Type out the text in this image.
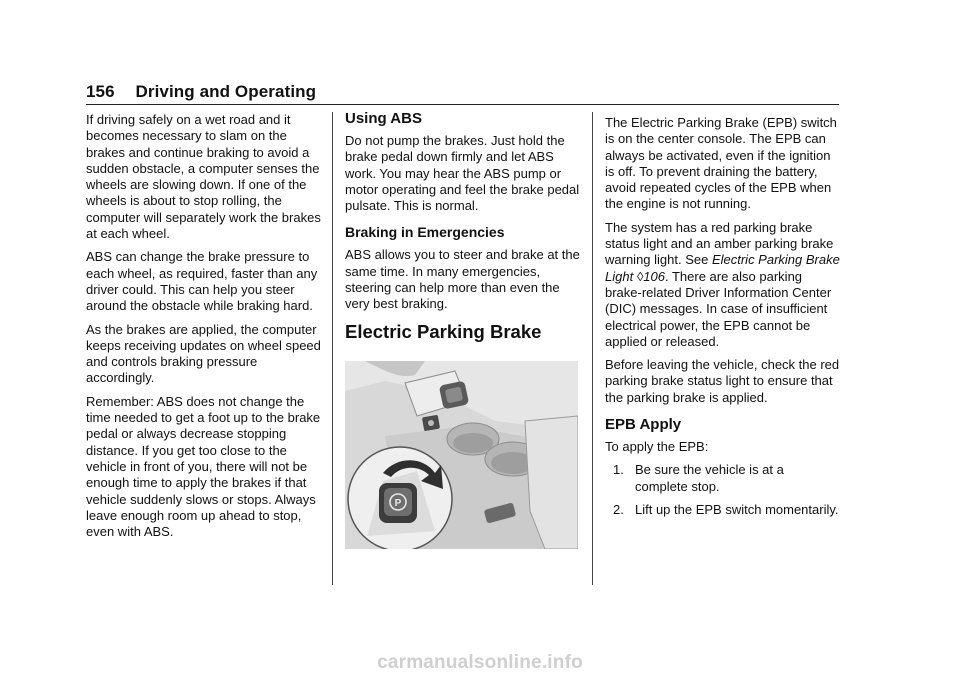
156 Driving and Operating

If driving safely on a wet road and it becomes necessary to slam on the brakes and continue braking to avoid a sudden obstacle, a computer senses the wheels are slowing down. If one of the wheels is about to stop rolling, the computer will separately work the brakes at each wheel.

ABS can change the brake pressure to each wheel, as required, faster than any driver could. This can help you steer around the obstacle while braking hard.

As the brakes are applied, the computer keeps receiving updates on wheel speed and controls braking pressure accordingly.

Remember: ABS does not change the time needed to get a foot up to the brake pedal or always decrease stopping distance. If you get too close to the vehicle in front of you, there will not be enough time to apply the brakes if that vehicle suddenly slows or stops. Always leave enough room up ahead to stop, even with ABS.

Using ABS

Do not pump the brakes. Just hold the brake pedal down firmly and let ABS work. You may hear the ABS pump or motor operating and feel the brake pedal pulsate. This is normal.

Braking in Emergencies

ABS allows you to steer and brake at the same time. In many emergencies, steering can help more than even the very best braking.

Electric Parking Brake
P

The Electric Parking Brake (EPB) switch is on the center console. The EPB can always be activated, even if the ignition is off. To prevent draining the battery, avoid repeated cycles of the EPB when the engine is not running.

The system has a red parking brake status light and an amber parking brake warning light. See Electric Parking Brake Light ◊106. There are also parking brake-related Driver Information Center (DIC) messages. In case of insufficient electrical power, the EPB cannot be applied or released.

Before leaving the vehicle, check the red parking brake status light to ensure that the parking brake is applied.

EPB Apply

To apply the EPB:

1. Be sure the vehicle is at a complete stop.
2. Lift up the EPB switch momentarily.
carmanualsonline.info
